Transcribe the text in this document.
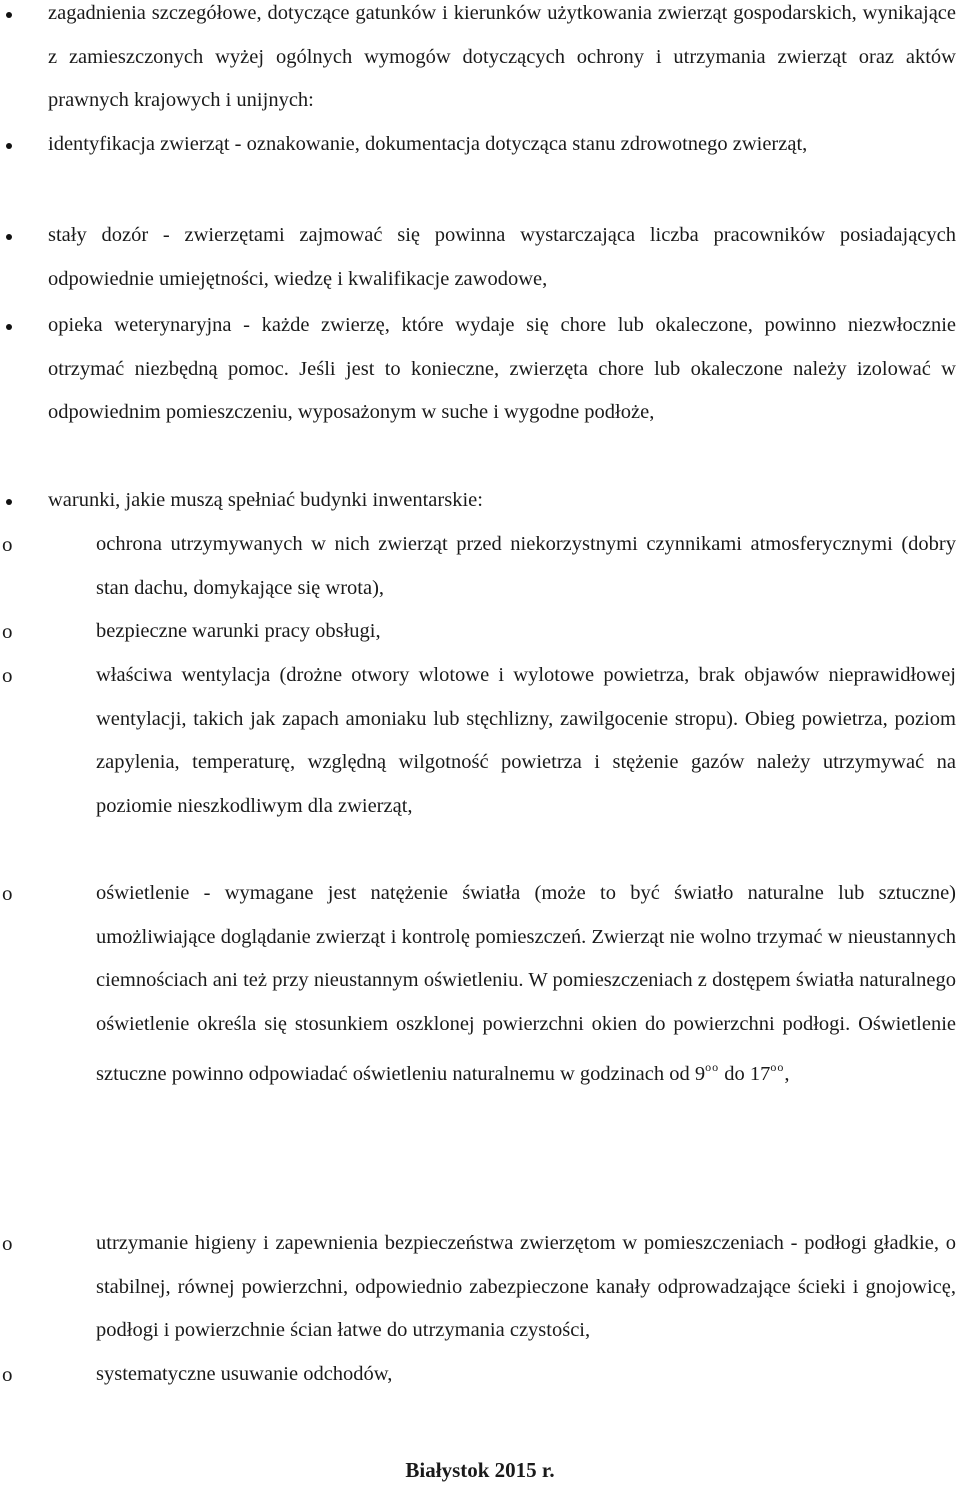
zagadnienia szczegółowe, dotyczące gatunków i kierunków użytkowania zwierząt gospodarskich, wynikające z zamieszczonych wyżej ogólnych wymogów dotyczących ochrony i utrzymania zwierząt oraz aktów prawnych krajowych i unijnych:

identyfikacja zwierząt - oznakowanie, dokumentacja dotycząca stanu zdrowotnego zwierząt,

stały dozór - zwierzętami zajmować się powinna wystarczająca liczba pracowników posiadających odpowiednie umiejętności, wiedzę i kwalifikacje zawodowe,

opieka weterynaryjna - każde zwierzę, które wydaje się chore lub okaleczone, powinno niezwłocznie otrzymać niezbędną pomoc. Jeśli jest to konieczne, zwierzęta chore lub okaleczone należy izolować w odpowiednim pomieszczeniu, wyposażonym w suche i wygodne podłoże,

warunki, jakie muszą spełniać budynki inwentarskie:

o	ochrona utrzymywanych w nich zwierząt przed niekorzystnymi czynnikami atmosferycznymi (dobry stan dachu, domykające się wrota),

o	bezpieczne warunki pracy obsługi,

o	właściwa wentylacja (drożne otwory wlotowe i wylotowe powietrza, brak objawów nieprawidłowej wentylacji, takich jak zapach amoniaku lub stęchlizny, zawilgocenie stropu). Obieg powietrza, poziom zapylenia, temperaturę, względną wilgotność powietrza i stężenie gazów należy utrzymywać na poziomie nieszkodliwym dla zwierząt,

o	oświetlenie - wymagane jest natężenie światła (może to być światło naturalne lub sztuczne) umożliwiające doglądanie zwierząt i kontrolę pomieszczeń. Zwierząt nie wolno trzymać w nieustannych ciemnościach ani też przy nieustannym oświetleniu. W pomieszczeniach z dostępem światła naturalnego oświetlenie określa się stosunkiem oszklonej powierzchni okien do powierzchni podłogi. Oświetlenie sztuczne powinno odpowiadać oświetleniu naturalnemu w godzinach od $9^{oo}$ do $17^{oo}$,

o	utrzymanie higieny i zapewnienia bezpieczeństwa zwierzętom w pomieszczeniach - podłogi gładkie, o stabilnej, równej powierzchni, odpowiednio zabezpieczone kanały odprowadzające ścieki i gnojowicę, podłogi i powierzchnie ścian łatwe do utrzymania czystości,

o	systematyczne usuwanie odchodów,

Białystok 2015 r.
